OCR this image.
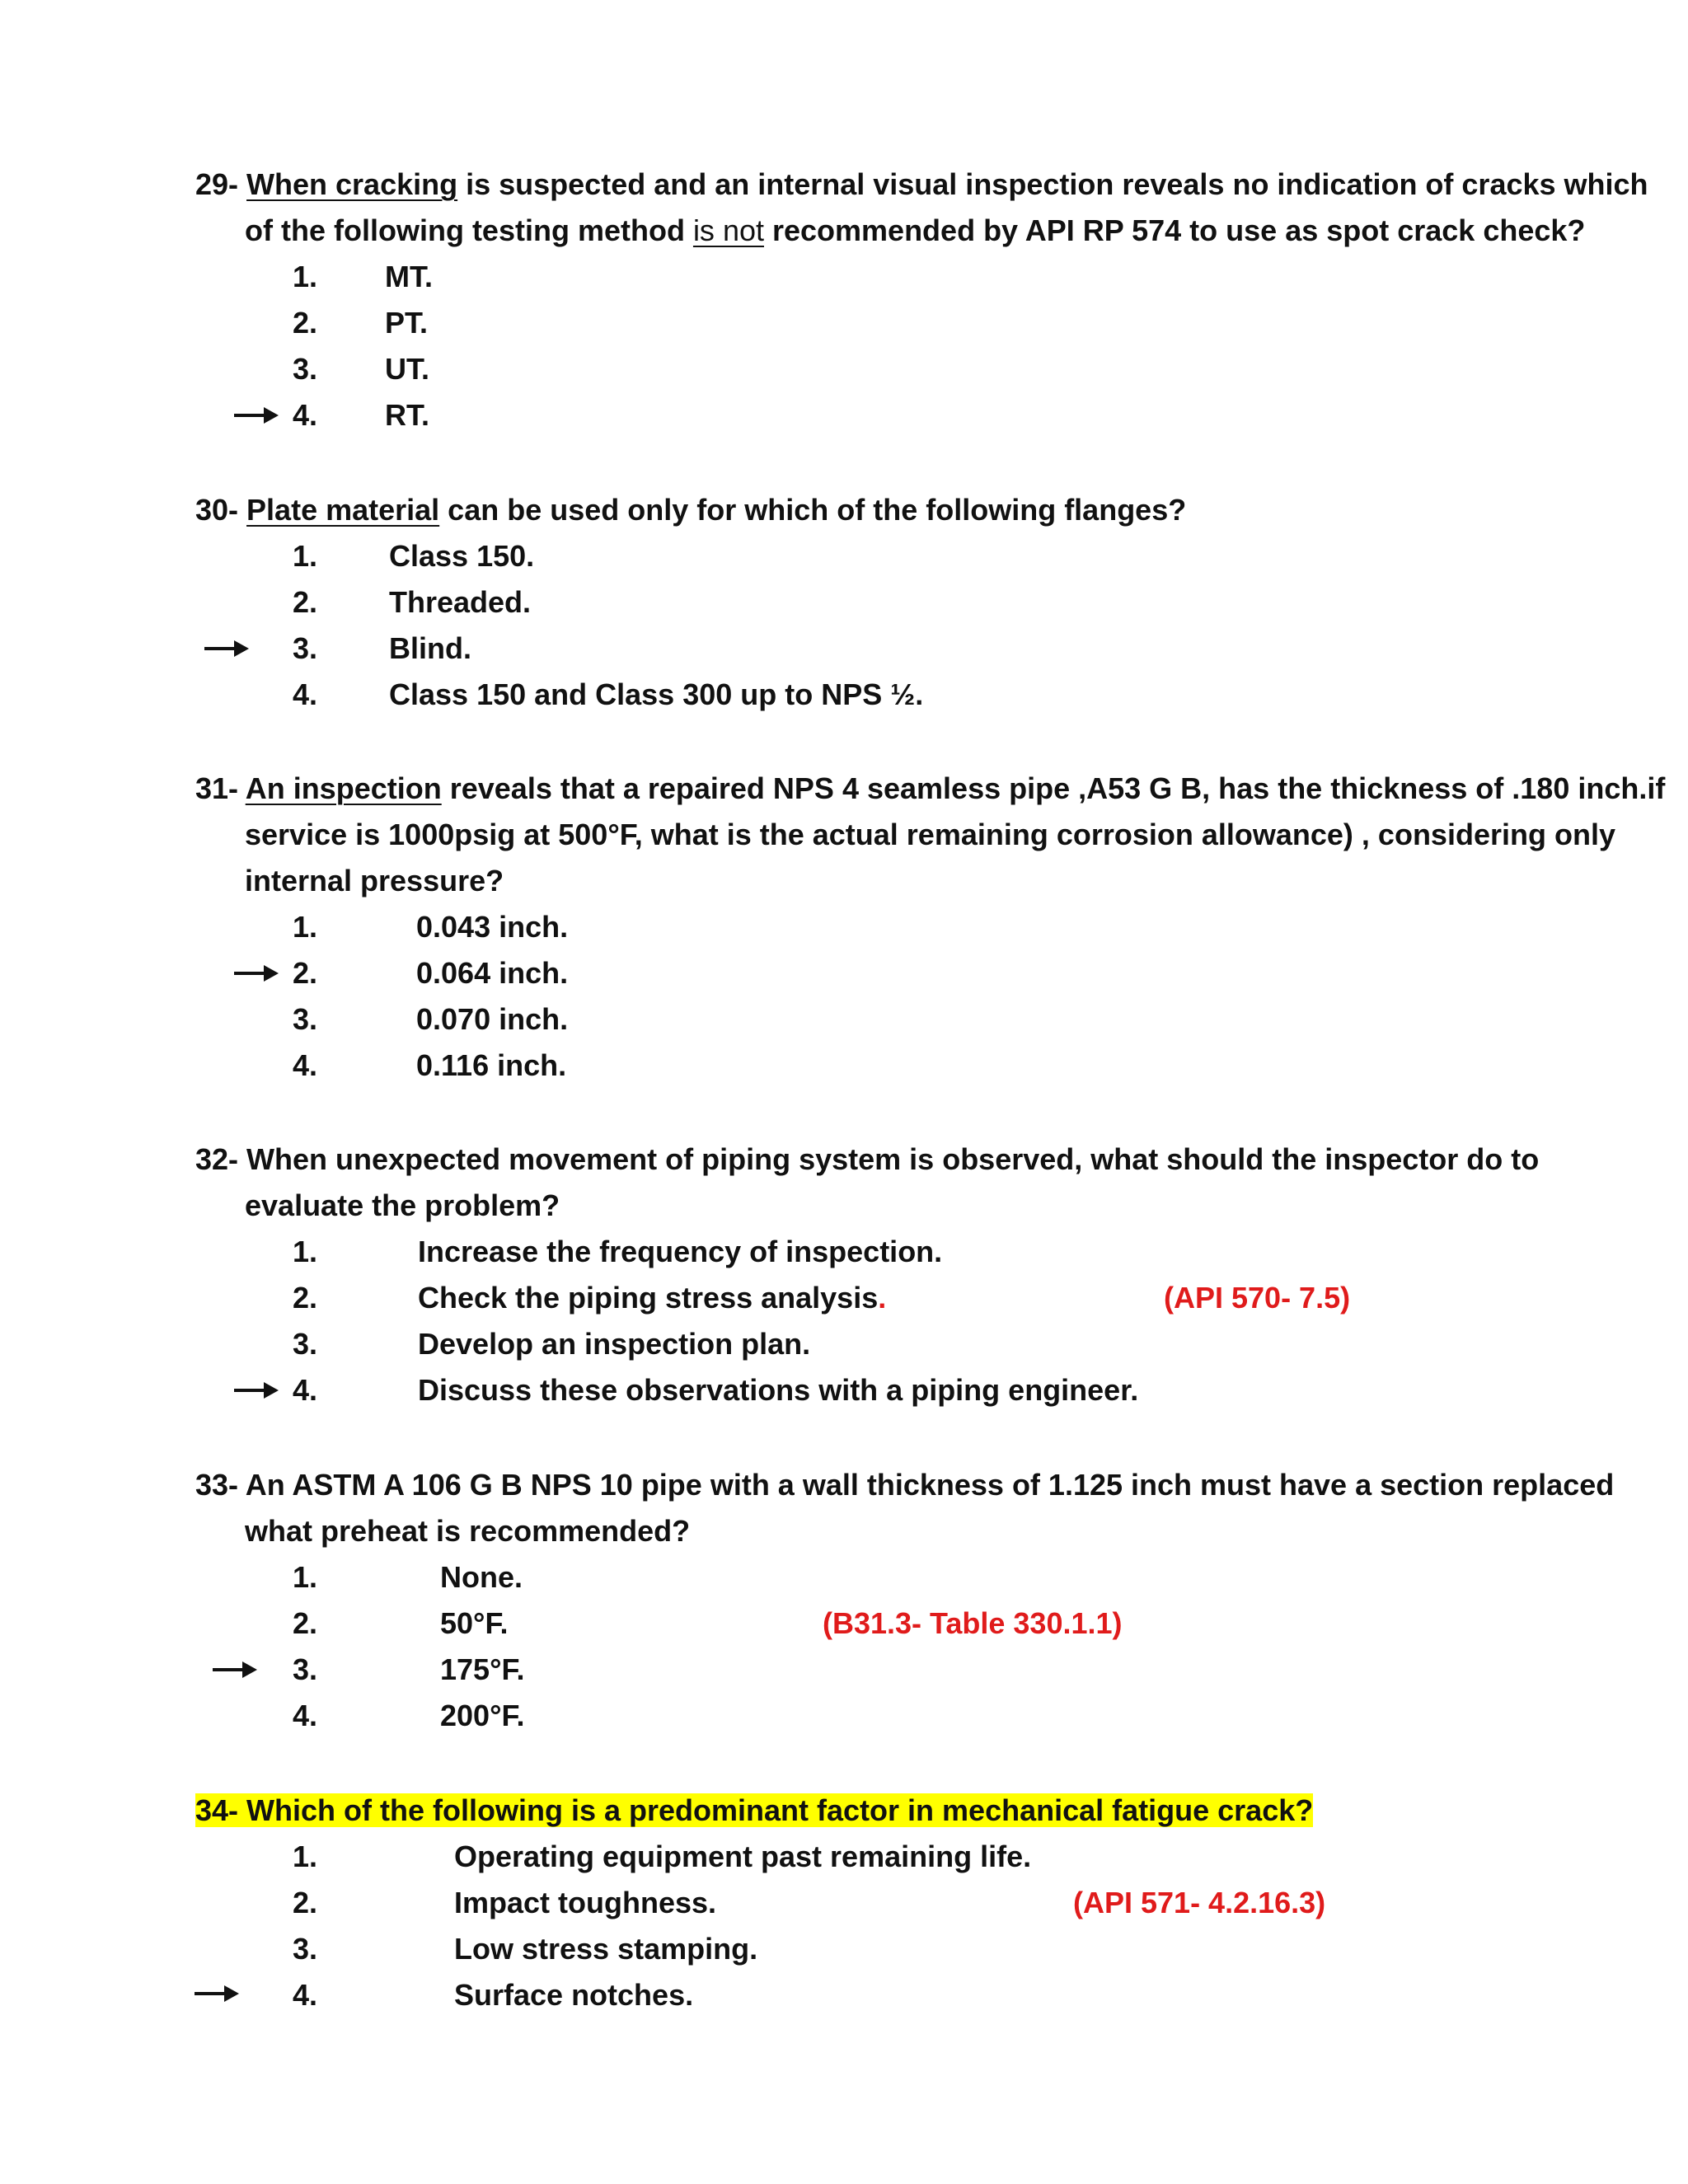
29- When cracking is suspected and an internal visual inspection reveals no indication of cracks which
of the following testing method is not recommended by API RP 574 to use as spot crack check?
1. MT.
2. PT.
3. UT.
4. RT.
30- Plate material can be used only for which of the following flanges?
1. Class 150.
2. Threaded.
3. Blind.
4. Class 150 and Class 300 up to NPS ½.
31- An inspection reveals that a repaired NPS 4 seamless pipe ,A53 G B, has the thickness of .180 inch.if
service is 1000psig at 500°F, what is the actual remaining corrosion allowance) , considering only
internal pressure?
1.	0.043 inch.
2.	0.064 inch.
3.	0.070 inch.
4.	0.116 inch.
32- When unexpected movement of piping system is observed, what should the inspector do to
evaluate the problem?
1.	Increase the frequency of inspection.
2.	Check the piping stress analysis.
3.	Develop an inspection plan.
4.	Discuss these observations with a piping engineer.
(API 570- 7.5)
33- An ASTM A 106 G B NPS 10 pipe with a wall thickness of 1.125 inch must have a section replaced
what preheat is recommended?
1.	None.
2.	50°F.
3.	175°F.
4.	200°F.
(B31.3- Table 330.1.1)
34- Which of the following is a predominant factor in mechanical fatigue crack?
1.	Operating equipment past remaining life.
2.	Impact toughness.
3.	Low stress stamping.
4.	Surface notches.
(API 571- 4.2.16.3)
